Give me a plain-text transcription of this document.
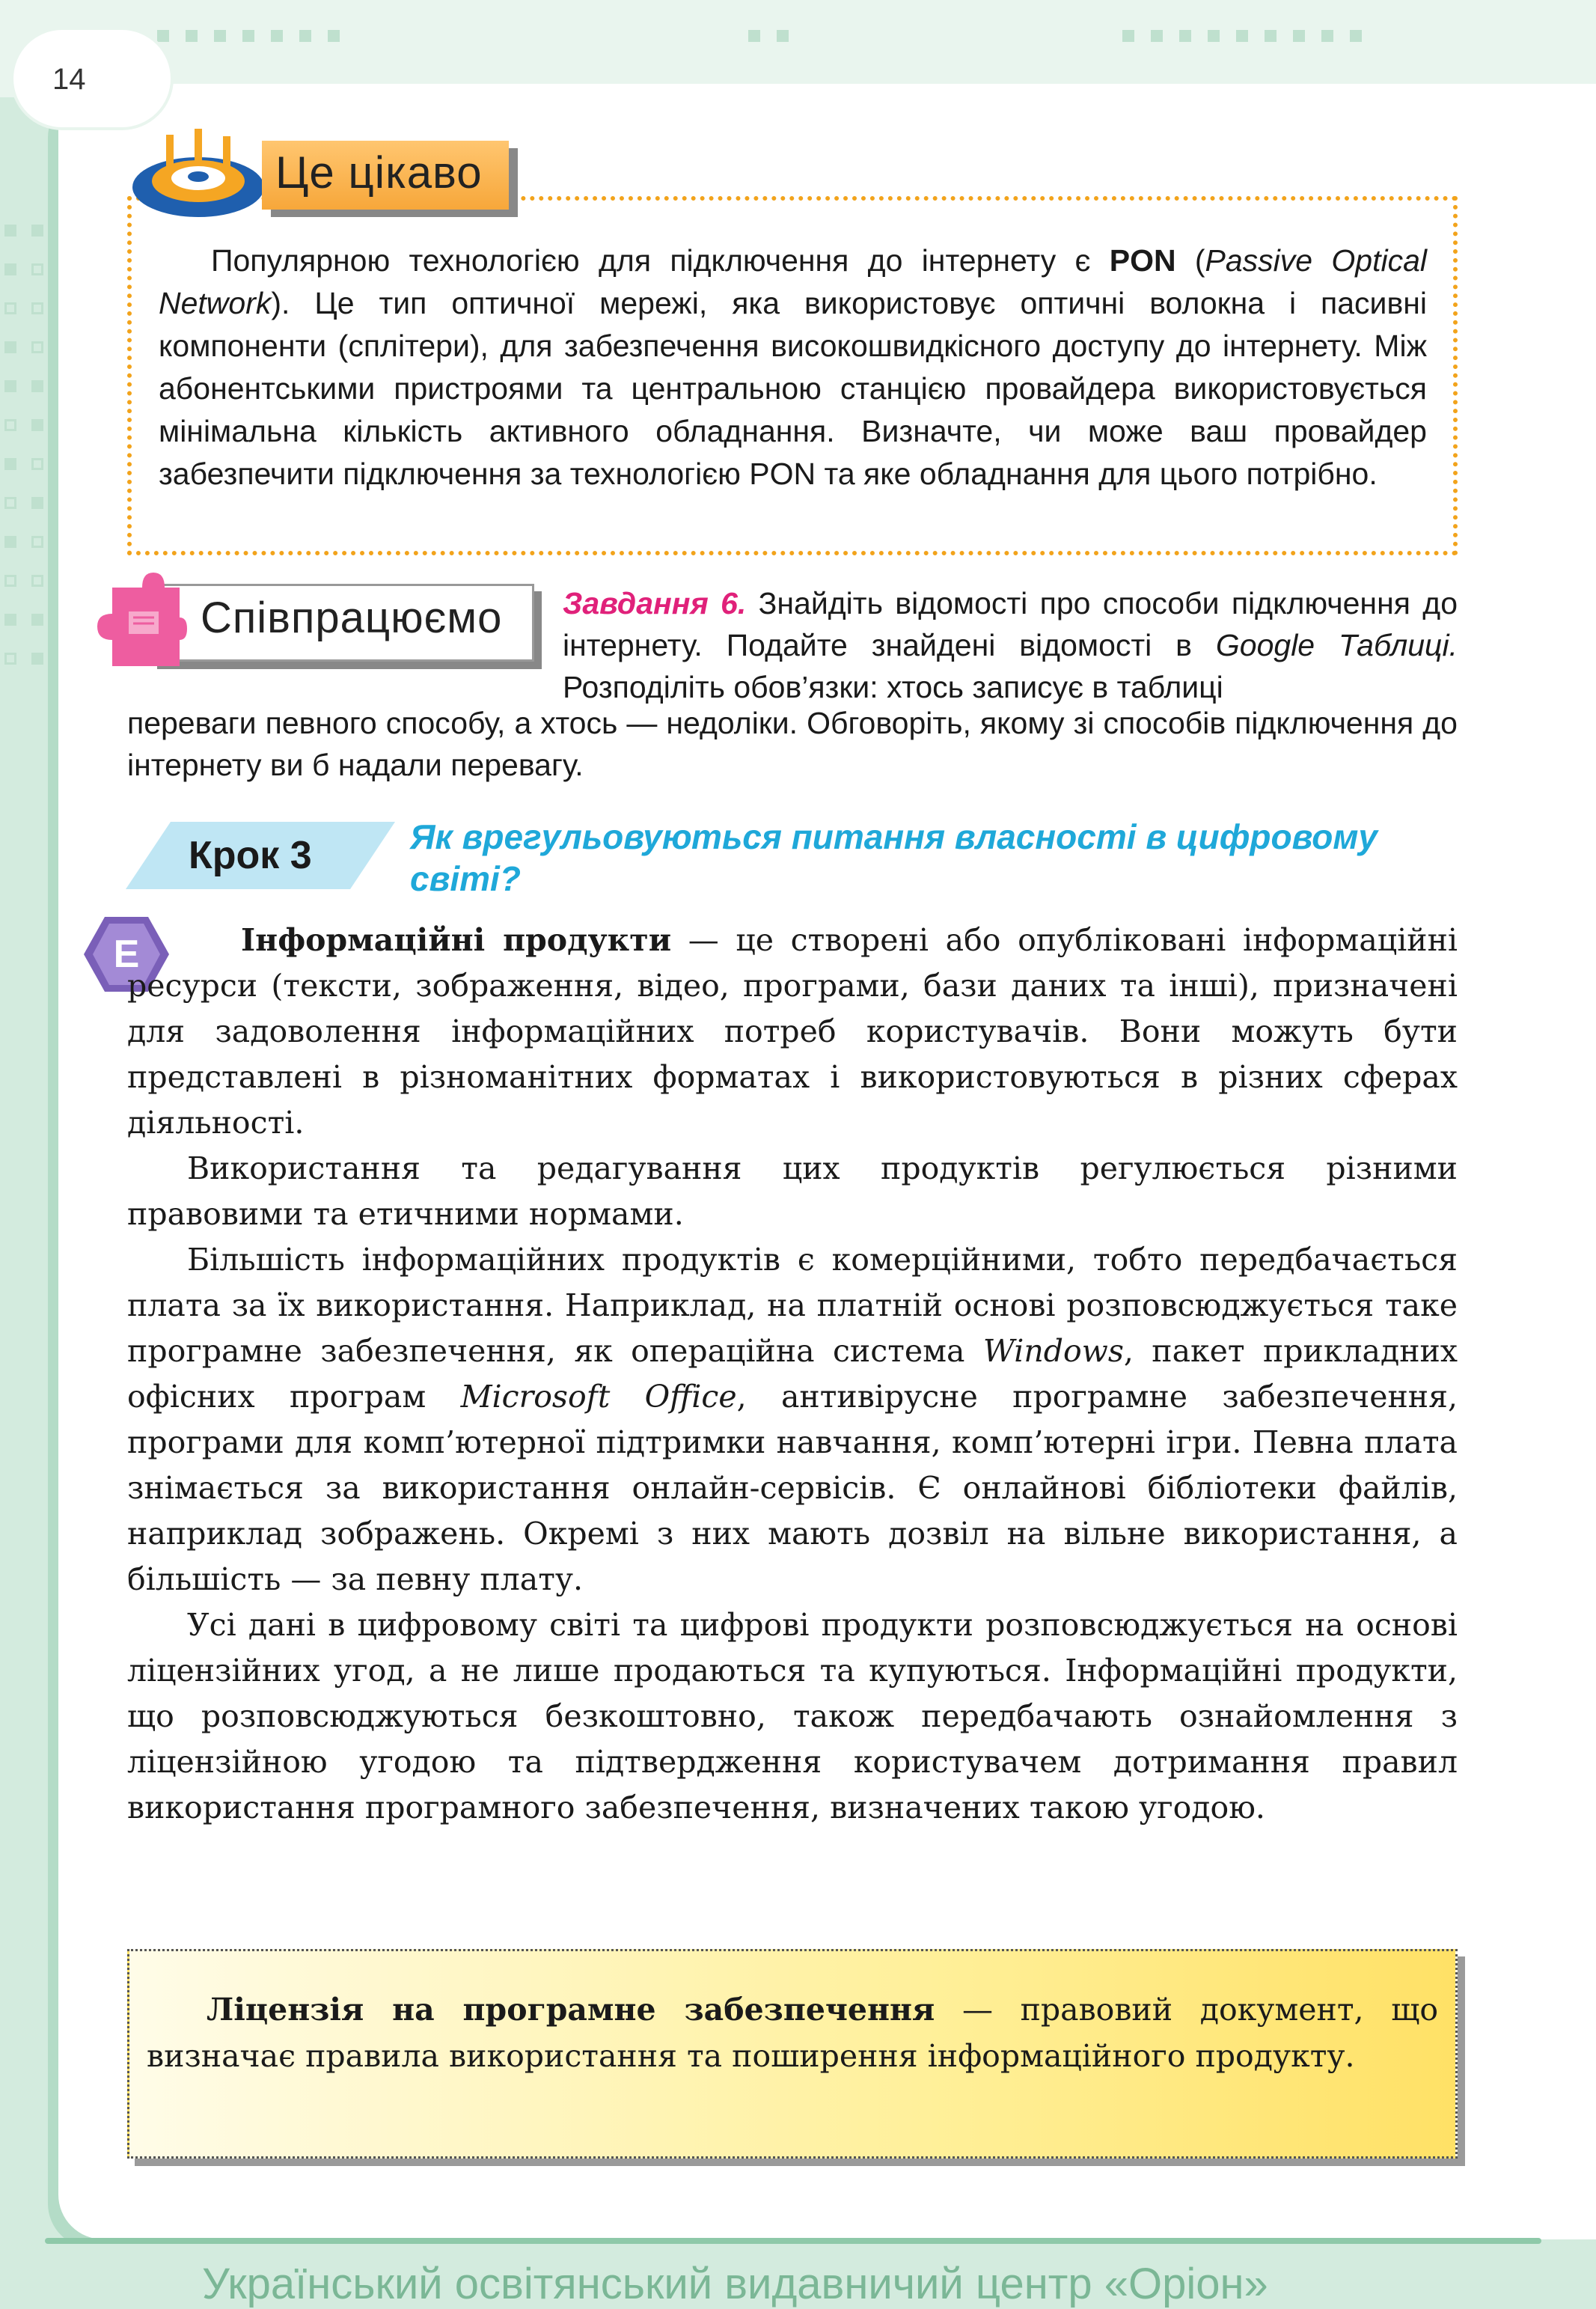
14
Це цікаво
Популярною технологією для підключення до інтернету є PON (Passive Optical Network). Це тип оптичної мережі, яка використовує оптичні волокна і пасивні компоненти (сплітери), для забезпечення високошвидкісного доступу до інтернету. Між абонентськими пристроями та центральною станцією провайдера використовується мінімальна кількість активного обладнання. Визначте, чи може ваш провайдер забезпечити підключення за технологією PON та яке обладнання для цього потрібно.
Співпрацюємо Завдання 6. Знайдіть відомості про способи підключення до інтернету. Подайте знайдені відомості в Google Таблиці. Розподіліть обов’язки: хтось записує в таблиці
переваги певного способу, а хтось — недоліки. Обговоріть, якому зі способів підключення до інтернету ви б надали перевагу.
Крок 3	Як врегульовуються питання власності в цифровому світі?
E	Інформаційні продукти — це створені або опубліковані інформаційні ресурси (тексти, зображення, відео, програми, бази даних та інші), призначені для задоволення інформаційних потреб користувачів. Вони можуть бути представлені в різноманітних форматах і використовуються в різних сферах діяльності.

Використання та редагування цих продуктів регулюється різними правовими та етичними нормами.

Більшість інформаційних продуктів є комерційними, тобто передбачається плата за їх використання. Наприклад, на платній основі розповсюджується таке програмне забезпечення, як операційна система Windows, пакет прикладних офісних програм Microsoft Office, антивірусне програмне забезпечення, програми для комп’ютерної підтримки навчання, комп’ютерні ігри. Певна плата знімається за використання онлайн-сервісів. Є онлайнові бібліотеки файлів, наприклад зображень. Окремі з них мають дозвіл на вільне використання, а більшість — за певну плату.

Усі дані в цифровому світі та цифрові продукти розповсюджується на основі ліцензійних угод, а не лише продаються та купуються. Інформаційні продукти, що розповсюджуються безкоштовно, також передбачають ознайомлення з ліцензійною угодою та підтвердження користувачем дотримання правил використання програмного забезпечення, визначених такою угодою.

Ліцензія на програмне забезпечення — правовий документ, що визначає правила використання та поширення інформаційного продукту.
Український освітянський видавничий центр «Оріон»
